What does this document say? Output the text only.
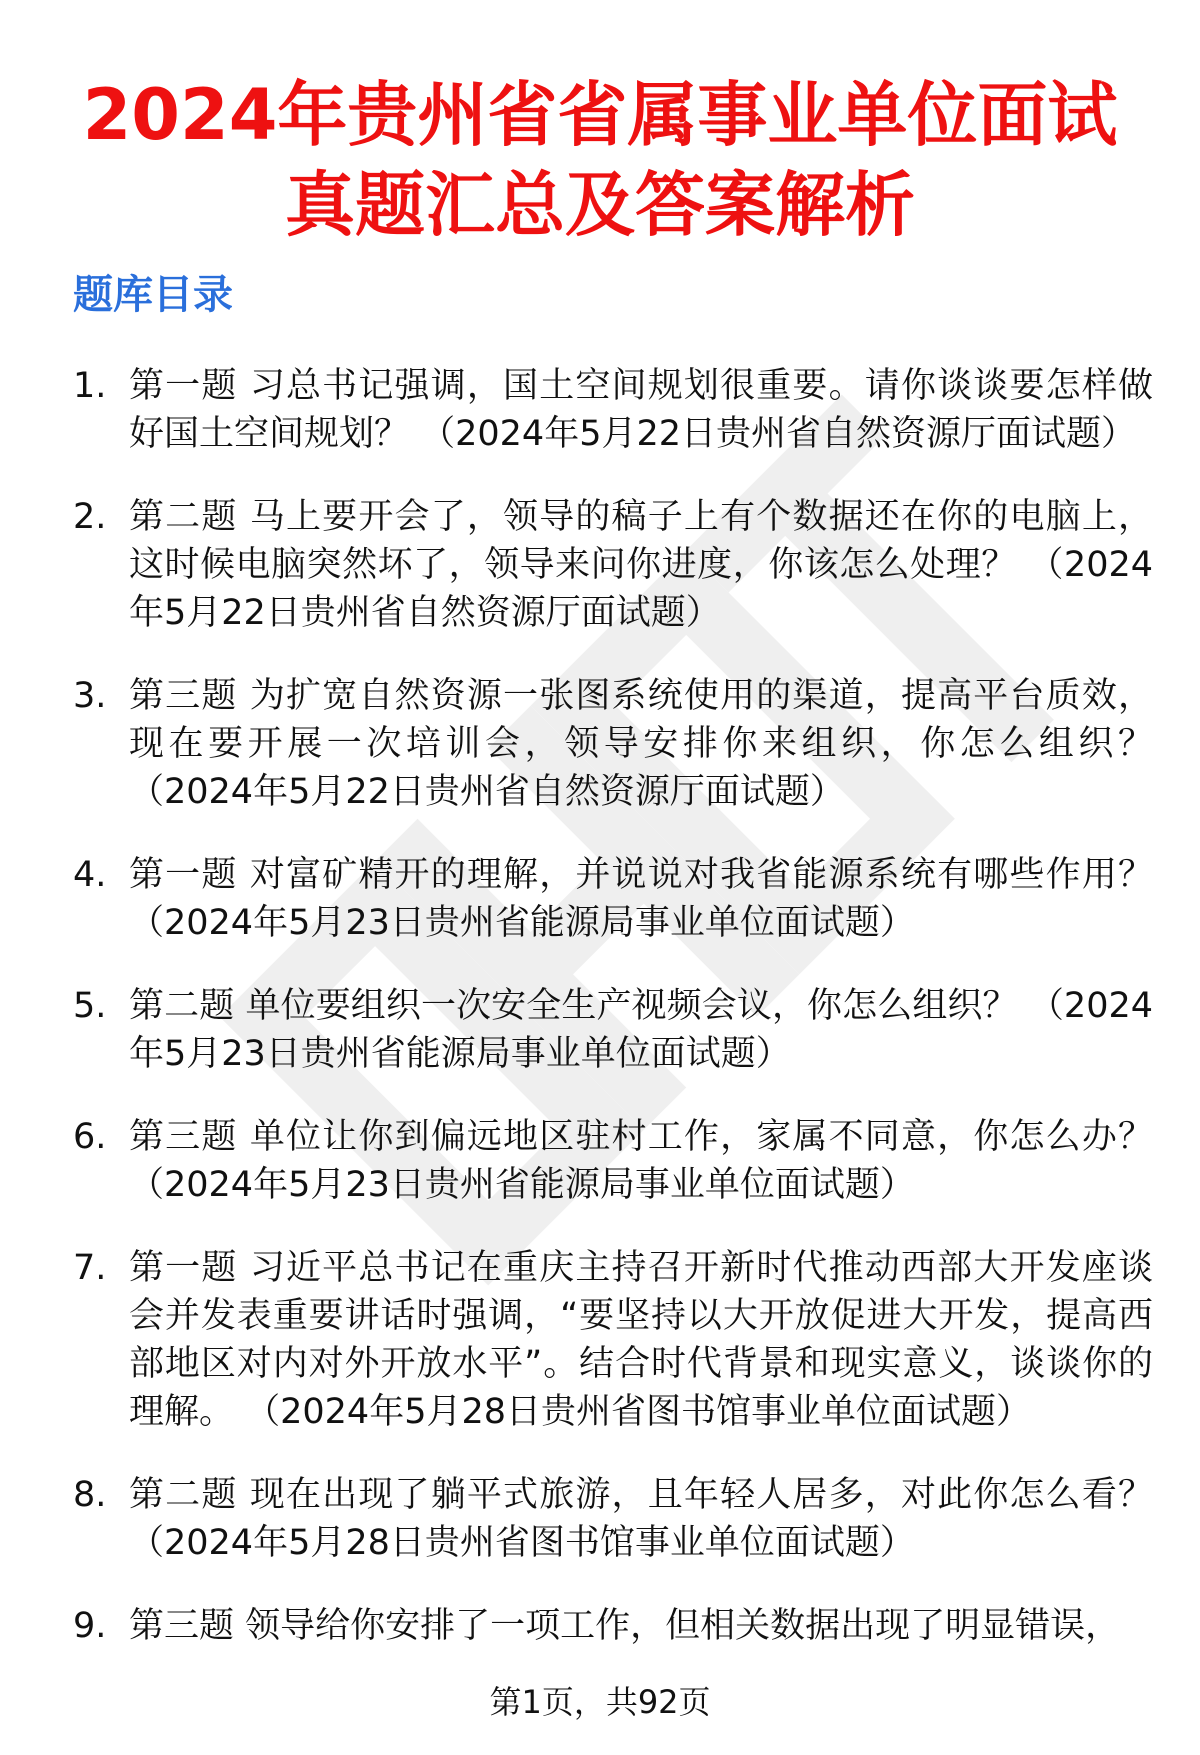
2024年贵州省省属事业单位面试真题汇总及答案解析
题库目录
1. 第一题 习总书记强调，国土空间规划很重要。请你谈谈要怎样做好国土空间规划？ （2024年5月22日贵州省自然资源厅面试题）
2. 第二题 马上要开会了，领导的稿子上有个数据还在你的电脑上，这时候电脑突然坏了，领导来问你进度，你该怎么处理？ （2024年5月22日贵州省自然资源厅面试题）
3. 第三题 为扩宽自然资源一张图系统使用的渠道，提高平台质效，现在要开展一次培训会，领导安排你来组织，你怎么组织？ （2024年5月22日贵州省自然资源厅面试题）
4. 第一题 对富矿精开的理解，并说说对我省能源系统有哪些作用？ （2024年5月23日贵州省能源局事业单位面试题）
5. 第二题 单位要组织一次安全生产视频会议，你怎么组织？ （2024年5月23日贵州省能源局事业单位面试题）
6. 第三题 单位让你到偏远地区驻村工作，家属不同意，你怎么办？ （2024年5月23日贵州省能源局事业单位面试题）
7. 第一题 习近平总书记在重庆主持召开新时代推动西部大开发座谈会并发表重要讲话时强调，“要坚持以大开放促进大开发，提高西部地区对内对外开放水平”。结合时代背景和现实意义，谈谈你的理解。 （2024年5月28日贵州省图书馆事业单位面试题）
8. 第二题 现在出现了躺平式旅游，且年轻人居多，对此你怎么看？ （2024年5月28日贵州省图书馆事业单位面试题）
9. 第三题 领导给你安排了一项工作，但相关数据出现了明显错误，
第1页，共92页
